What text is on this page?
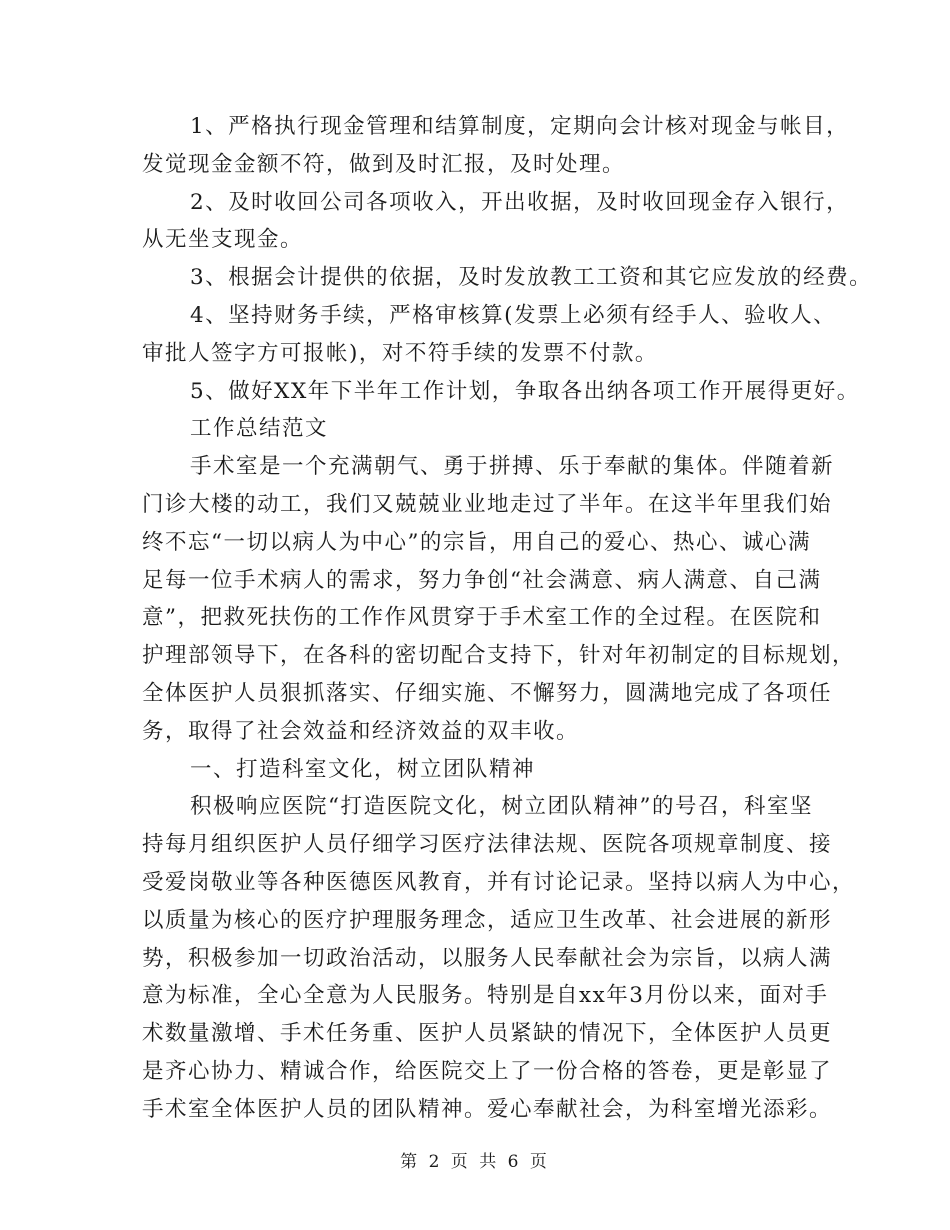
1、严格执行现金管理和结算制度，定期向会计核对现金与帐目，
发觉现金金额不符，做到及时汇报，及时处理。
2、及时收回公司各项收入，开出收据，及时收回现金存入银行，
从无坐支现金。
3、根据会计提供的依据，及时发放教工工资和其它应发放的经费。
4、坚持财务手续，严格审核算(发票上必须有经手人、验收人、
审批人签字方可报帐)，对不符手续的发票不付款。
5、做好XX年下半年工作计划，争取各出纳各项工作开展得更好。
工作总结范文
手术室是一个充满朝气、勇于拼搏、乐于奉献的集体。伴随着新
门诊大楼的动工，我们又兢兢业业地走过了半年。在这半年里我们始
终不忘“一切以病人为中心”的宗旨，用自己的爱心、热心、诚心满
足每一位手术病人的需求，努力争创“社会满意、病人满意、自己满
意”，把救死扶伤的工作作风贯穿于手术室工作的全过程。在医院和
护理部领导下，在各科的密切配合支持下，针对年初制定的目标规划，
全体医护人员狠抓落实、仔细实施、不懈努力，圆满地完成了各项任
务，取得了社会效益和经济效益的双丰收。
一、打造科室文化，树立团队精神
积极响应医院“打造医院文化，树立团队精神”的号召，科室坚
持每月组织医护人员仔细学习医疗法律法规、医院各项规章制度、接
受爱岗敬业等各种医德医风教育，并有讨论记录。坚持以病人为中心，
以质量为核心的医疗护理服务理念，适应卫生改革、社会进展的新形
势，积极参加一切政治活动，以服务人民奉献社会为宗旨，以病人满
意为标准，全心全意为人民服务。特别是自xx年3月份以来，面对手
术数量激增、手术任务重、医护人员紧缺的情况下，全体医护人员更
是齐心协力、精诚合作，给医院交上了一份合格的答卷，更是彰显了
手术室全体医护人员的团队精神。爱心奉献社会，为科室增光添彩。
第 2 页 共 6 页
